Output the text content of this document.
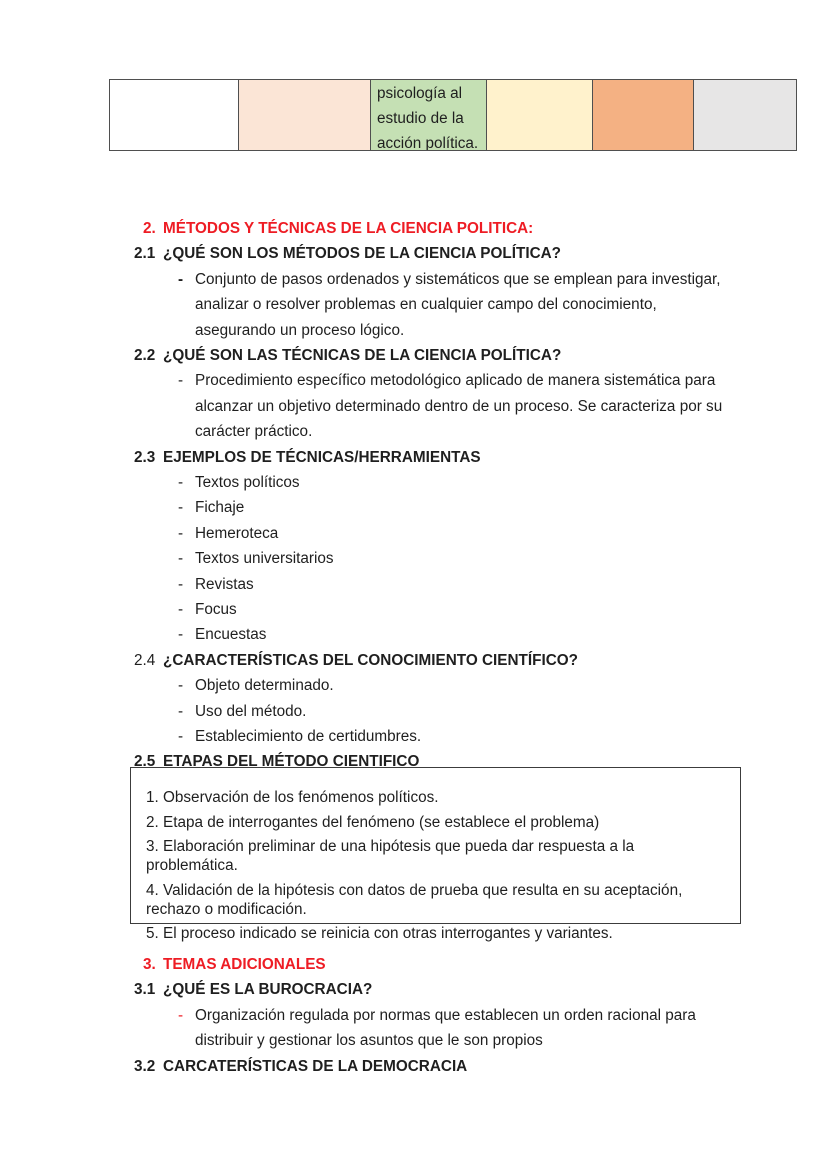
psicología al estudio de la acción política.
2. MÉTODOS Y TÉCNICAS DE LA CIENCIA POLITICA:
2.1 ¿QUÉ SON LOS MÉTODOS DE LA CIENCIA POLÍTICA?
- Conjunto de pasos ordenados y sistemáticos que se emplean para investigar, analizar o resolver problemas en cualquier campo del conocimiento, asegurando un proceso lógico.
2.2 ¿QUÉ SON LAS TÉCNICAS DE LA CIENCIA POLÍTICA?
- Procedimiento específico metodológico aplicado de manera sistemática para alcanzar un objetivo determinado dentro de un proceso. Se caracteriza por su carácter práctico.
2.3 EJEMPLOS DE TÉCNICAS/HERRAMIENTAS
- Textos políticos
- Fichaje
- Hemeroteca
- Textos universitarios
- Revistas
- Focus
- Encuestas
2.4 ¿CARACTERÍSTICAS DEL CONOCIMIENTO CIENTÍFICO?
- Objeto determinado.
- Uso del método.
- Establecimiento de certidumbres.
2.5 ETAPAS DEL MÉTODO CIENTIFICO

1. Observación de los fenómenos políticos.

2. Etapa de interrogantes del fenómeno (se establece el problema)

3. Elaboración preliminar de una hipótesis que pueda dar respuesta a la problemática.

4. Validación de la hipótesis con datos de prueba que resulta en su aceptación, rechazo o modificación.

5. El proceso indicado se reinicia con otras interrogantes y variantes.

3. TEMAS ADICIONALES
3.1 ¿QUÉ ES LA BUROCRACIA?
- Organización regulada por normas que establecen un orden racional para distribuir y gestionar los asuntos que le son propios
3.2 CARCATERÍSTICAS DE LA DEMOCRACIA
